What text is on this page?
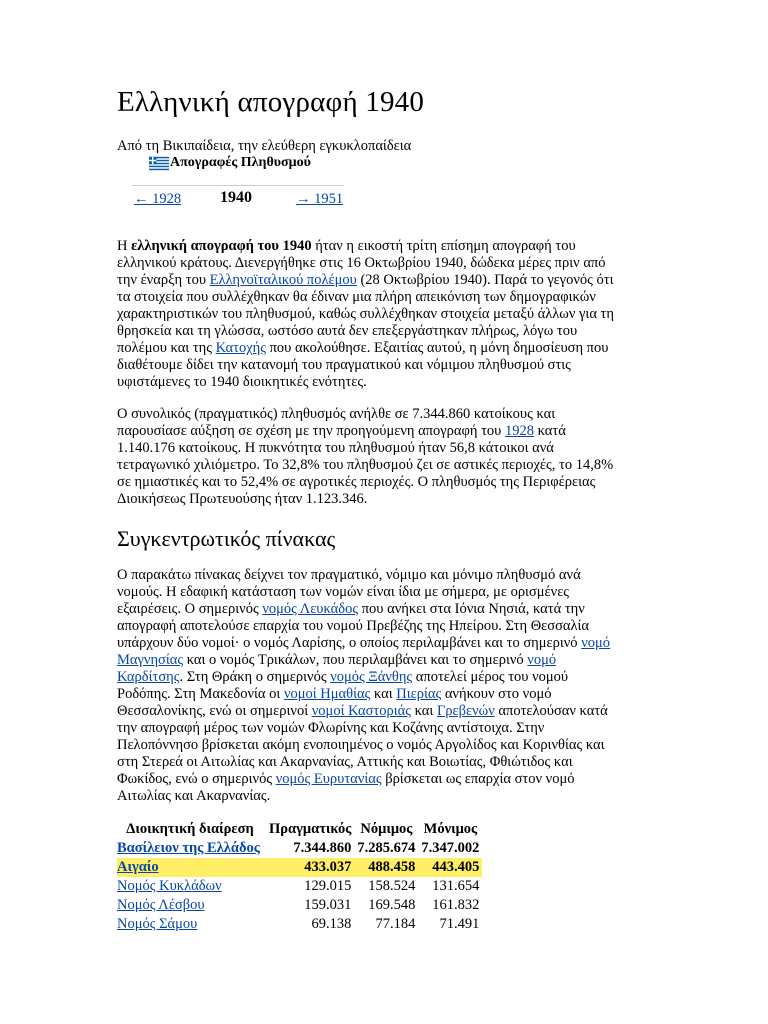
Ελληνική απογραφή 1940
Από τη Βικιπαίδεια, την ελεύθερη εγκυκλοπαίδεια
Απογραφές Πληθυσμού
← 1928 1940	→ 1951
Η ελληνική απογραφή του 1940 ήταν η εικοστή τρίτη επίσημη απογραφή του
ελληνικού κράτους. Διενεργήθηκε στις 16 Οκτωβρίου 1940, δώδεκα μέρες πριν από
την έναρξη του Ελληνοϊταλικού πολέμου (28 Οκτωβρίου 1940). Παρά το γεγονός ότι
τα στοιχεία που συλλέχθηκαν θα έδιναν μια πλήρη απεικόνιση των δημογραφικών
χαρακτηριστικών του πληθυσμού, καθώς συλλέχθηκαν στοιχεία μεταξύ άλλων για τη
θρησκεία και τη γλώσσα, ωστόσο αυτά δεν επεξεργάστηκαν πλήρως, λόγω του
πολέμου και της Κατοχής που ακολούθησε. Εξαιτίας αυτού, η μόνη δημοσίευση που
διαθέτουμε δίδει την κατανομή του πραγματικού και νόμιμου πληθυσμού στις
υφιστάμενες το 1940 διοικητικές ενότητες.
Ο συνολικός (πραγματικός) πληθυσμός ανήλθε σε 7.344.860 κατοίκους και
παρουσίασε αύξηση σε σχέση με την προηγούμενη απογραφή του 1928 κατά
1.140.176 κατοίκους. Η πυκνότητα του πληθυσμού ήταν 56,8 κάτοικοι ανά
τετραγωνικό χιλιόμετρο. Το 32,8% του πληθυσμού ζει σε αστικές περιοχές, το 14,8%
σε ημιαστικές και το 52,4% σε αγροτικές περιοχές. Ο πληθυσμός της Περιφέρειας
Διοικήσεως Πρωτευούσης ήταν 1.123.346.
Συγκεντρωτικός πίνακας
Ο παρακάτω πίνακας δείχνει τον πραγματικό, νόμιμο και μόνιμο πληθυσμό ανά
νομούς. Η εδαφική κατάσταση των νομών είναι ίδια με σήμερα, με ορισμένες
εξαιρέσεις. Ο σημερινός νομός Λευκάδος που ανήκει στα Ιόνια Νησιά, κατά την
απογραφή αποτελούσε επαρχία του νομού Πρεβέζης της Ηπείρου. Στη Θεσσαλία
υπάρχουν δύο νομοί· ο νομός Λαρίσης, ο οποίος περιλαμβάνει και το σημερινό νομό
Μαγνησίας και ο νομός Τρικάλων, που περιλαμβάνει και το σημερινό νομό
Καρδίτσης. Στη Θράκη ο σημερινός νομός Ξάνθης αποτελεί μέρος του νομού
Ροδόπης. Στη Μακεδονία οι νομοί Ημαθίας και Πιερίας ανήκουν στο νομό
Θεσσαλονίκης, ενώ οι σημερινοί νομοί Καστοριάς και Γρεβενών αποτελούσαν κατά
την απογραφή μέρος των νομών Φλωρίνης και Κοζάνης αντίστοιχα. Στην
Πελοπόννησο βρίσκεται ακόμη ενοποιημένος ο νομός Αργολίδος και Κορινθίας και
στη Στερεά οι Αιτωλίας και Ακαρνανίας, Αττικής και Βοιωτίας, Φθιώτιδος και
Φωκίδος, ενώ ο σημερινός νομός Ευρυτανίας βρίσκεται ως επαρχία στον νομό
Αιτωλίας και Ακαρνανίας.
Διοικητική διαίρεση	Πραγματικός	Νόμιμος	Μόνιμος
Βασίλειον της Ελλάδος	7.344.860	7.285.674	7.347.002
Αιγαίο	433.037	488.458	443.405
Νομός Κυκλάδων	129.015	158.524	131.654
Νομός Λέσβου	159.031	169.548	161.832
Νομός Σάμου	69.138	77.184	71.491
